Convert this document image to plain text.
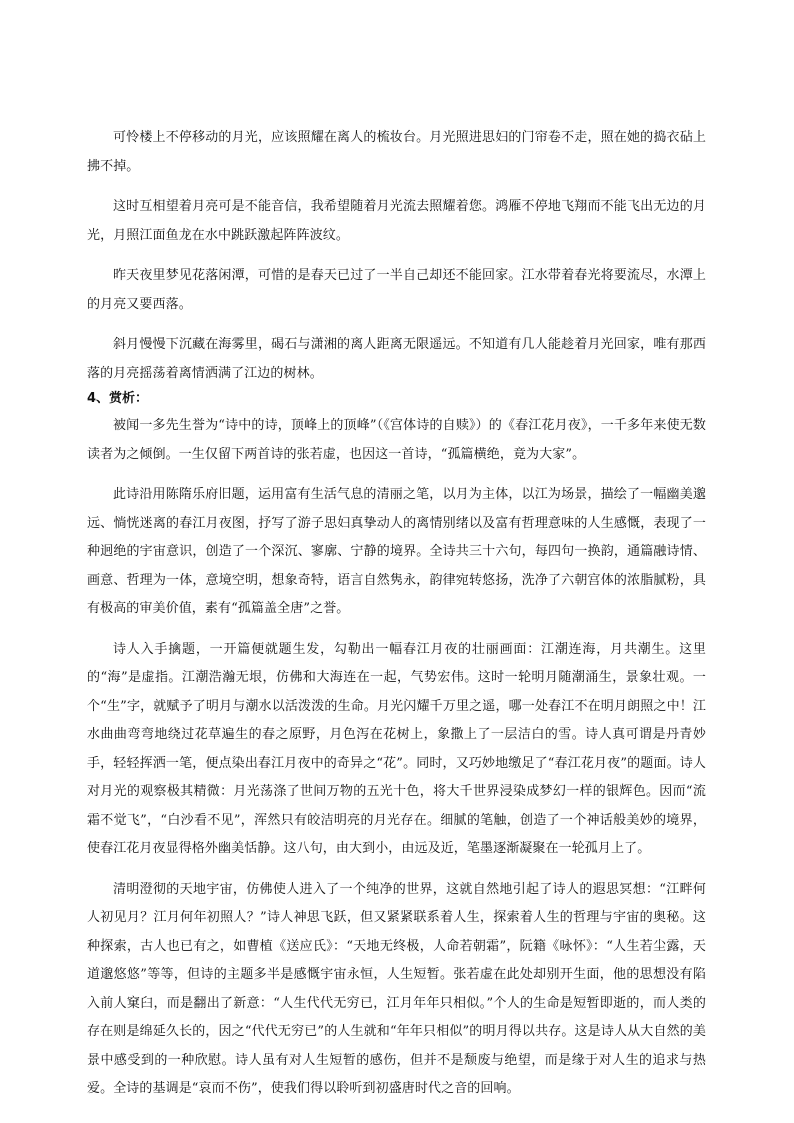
可怜楼上不停移动的月光，应该照耀在离人的梳妆台。月光照进思妇的门帘卷不走，照在她的捣衣砧上拂不掉。

这时互相望着月亮可是不能音信，我希望随着月光流去照耀着您。鸿雁不停地飞翔而不能飞出无边的月光，月照江面鱼龙在水中跳跃激起阵阵波纹。

昨天夜里梦见花落闲潭，可惜的是春天已过了一半自己却还不能回家。江水带着春光将要流尽，水潭上的月亮又要西落。

斜月慢慢下沉藏在海雾里，碣石与潇湘的离人距离无限遥远。不知道有几人能趁着月光回家，唯有那西落的月亮摇荡着离情洒满了江边的树林。

4、赏析：

被闻一多先生誉为“诗中的诗，顶峰上的顶峰”（《宫体诗的自赎》）的《春江花月夜》，一千多年来使无数读者为之倾倒。一生仅留下两首诗的张若虚，也因这一首诗，“孤篇横绝，竟为大家”。

此诗沿用陈隋乐府旧题，运用富有生活气息的清丽之笔，以月为主体，以江为场景，描绘了一幅幽美邈远、惝恍迷离的春江月夜图，抒写了游子思妇真挚动人的离情别绪以及富有哲理意味的人生感慨，表现了一种迥绝的宇宙意识，创造了一个深沉、寥廓、宁静的境界。全诗共三十六句，每四句一换韵，通篇融诗情、画意、哲理为一体，意境空明，想象奇特，语言自然隽永，韵律宛转悠扬，洗净了六朝宫体的浓脂腻粉，具有极高的审美价值，素有“孤篇盖全唐”之誉。

诗人入手擒题，一开篇便就题生发，勾勒出一幅春江月夜的壮丽画面：江潮连海，月共潮生。这里的“海”是虚指。江潮浩瀚无垠，仿佛和大海连在一起，气势宏伟。这时一轮明月随潮涌生，景象壮观。一个“生”字，就赋予了明月与潮水以活泼泼的生命。月光闪耀千万里之遥，哪一处春江不在明月朗照之中！江水曲曲弯弯地绕过花草遍生的春之原野，月色泻在花树上，象撒上了一层洁白的雪。诗人真可谓是丹青妙手，轻轻挥洒一笔，便点染出春江月夜中的奇异之“花”。同时，又巧妙地缴足了“春江花月夜”的题面。诗人对月光的观察极其精微：月光荡涤了世间万物的五光十色，将大千世界浸染成梦幻一样的银辉色。因而“流霜不觉飞”，“白沙看不见”，浑然只有皎洁明亮的月光存在。细腻的笔触，创造了一个神话般美妙的境界，使春江花月夜显得格外幽美恬静。这八句，由大到小，由远及近，笔墨逐渐凝聚在一轮孤月上了。

清明澄彻的天地宇宙，仿佛使人进入了一个纯净的世界，这就自然地引起了诗人的遐思冥想：“江畔何人初见月？江月何年初照人？”诗人神思飞跃，但又紧紧联系着人生，探索着人生的哲理与宇宙的奥秘。这种探索，古人也已有之，如曹植《送应氏》：“天地无终极，人命若朝霜”，阮籍《咏怀》：“人生若尘露，天道邈悠悠”等等，但诗的主题多半是感慨宇宙永恒，人生短暂。张若虚在此处却别开生面，他的思想没有陷入前人窠臼，而是翻出了新意：“人生代代无穷已，江月年年只相似。”个人的生命是短暂即逝的，而人类的存在则是绵延久长的，因之“代代无穷已”的人生就和“年年只相似”的明月得以共存。这是诗人从大自然的美景中感受到的一种欣慰。诗人虽有对人生短暂的感伤，但并不是颓废与绝望，而是缘于对人生的追求与热爱。全诗的基调是“哀而不伤”，使我们得以聆听到初盛唐时代之音的回响。
